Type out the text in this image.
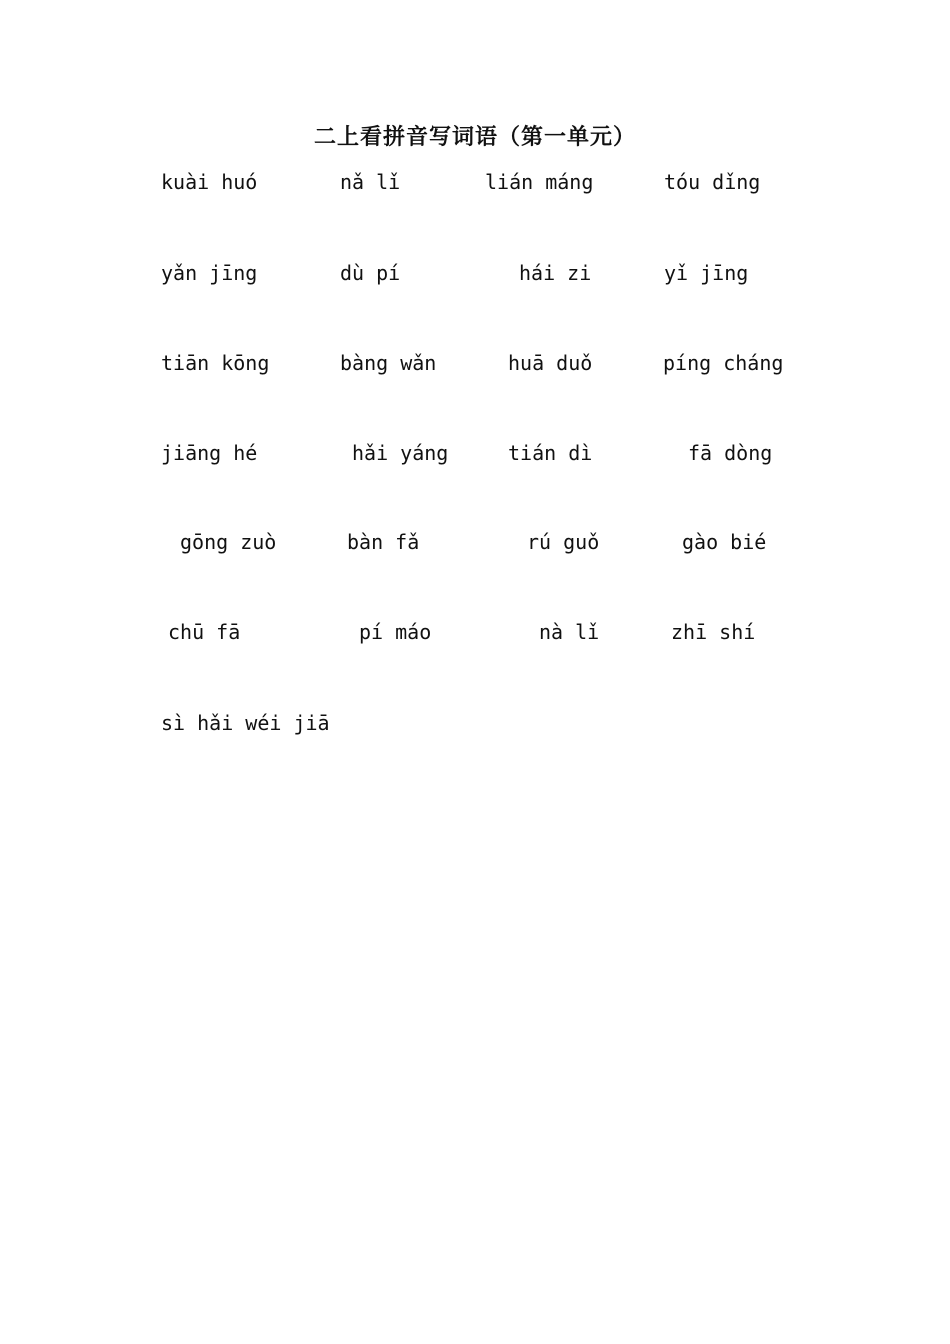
二上看拼音写词语（第一单元）
kuài huó	nǎ lǐ	lián máng	tóu dǐng
yǎn jīng	dù pí	hái zi	yǐ jīng
tiān kōng	bàng wǎn	huā duǒ	píng cháng
jiāng hé	hǎi yáng	tián dì	fā dòng
gōng zuò	bàn fǎ	rú guǒ	gào bié
chū fā	pí máo	nà lǐ	zhī shí
sì hǎi wéi jiā
